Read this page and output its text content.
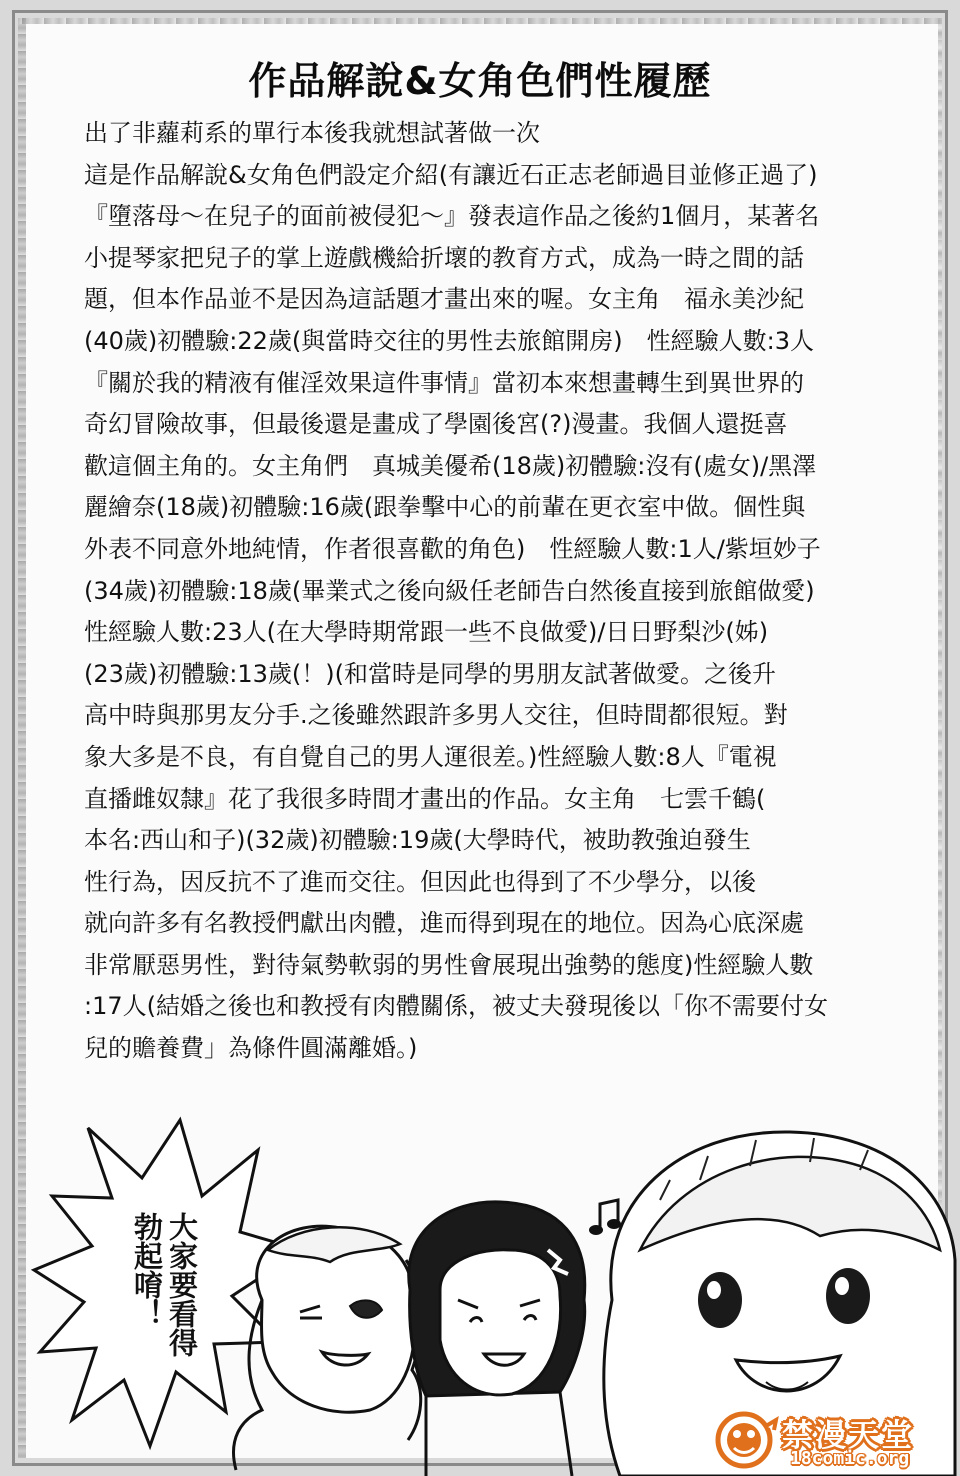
作品解說&女角色們性履歷
出了非蘿莉系的單行本後我就想試著做一次
這是作品解說&女角色們設定介紹(有讓近石正志老師過目並修正過了)
『墮落母～在兒子的面前被侵犯～』發表這作品之後約1個月，某著名
小提琴家把兒子的掌上遊戲機給折壞的教育方式，成為一時之間的話
題，但本作品並不是因為這話題才畫出來的喔。女主角　福永美沙紀
(40歲)初體驗:22歲(與當時交往的男性去旅館開房)　性經驗人數:3人
『關於我的精液有催淫效果這件事情』當初本來想畫轉生到異世界的
奇幻冒險故事，但最後還是畫成了學園後宮(?)漫畫。我個人還挺喜
歡這個主角的。女主角們　真城美優希(18歲)初體驗:沒有(處女)/黑澤
麗繪奈(18歲)初體驗:16歲(跟拳擊中心的前輩在更衣室中做。個性與
外表不同意外地純情，作者很喜歡的角色)　性經驗人數:1人/紫垣妙子
(34歲)初體驗:18歲(畢業式之後向級任老師告白然後直接到旅館做愛)
性經驗人數:23人(在大學時期常跟一些不良做愛)/日日野梨沙(姊)
(23歲)初體驗:13歲(！)(和當時是同學的男朋友試著做愛。之後升
高中時與那男友分手.之後雖然跟許多男人交往，但時間都很短。對
象大多是不良，有自覺自己的男人運很差。)性經驗人數:8人『電視
直播雌奴隸』花了我很多時間才畫出的作品。女主角　七雲千鶴(
本名:西山和子)(32歲)初體驗:19歲(大學時代，被助教強迫發生
性行為，因反抗不了進而交往。但因此也得到了不少學分，以後
就向許多有名教授們獻出肉體，進而得到現在的地位。因為心底深處
非常厭惡男性，對待氣勢軟弱的男性會展現出強勢的態度)性經驗人數
:17人(結婚之後也和教授有肉體關係，被丈夫發現後以「你不需要付女
兒的贍養費」為條件圓滿離婚。)
大家要看得
勃起唷！
禁漫天堂
18comic.org
